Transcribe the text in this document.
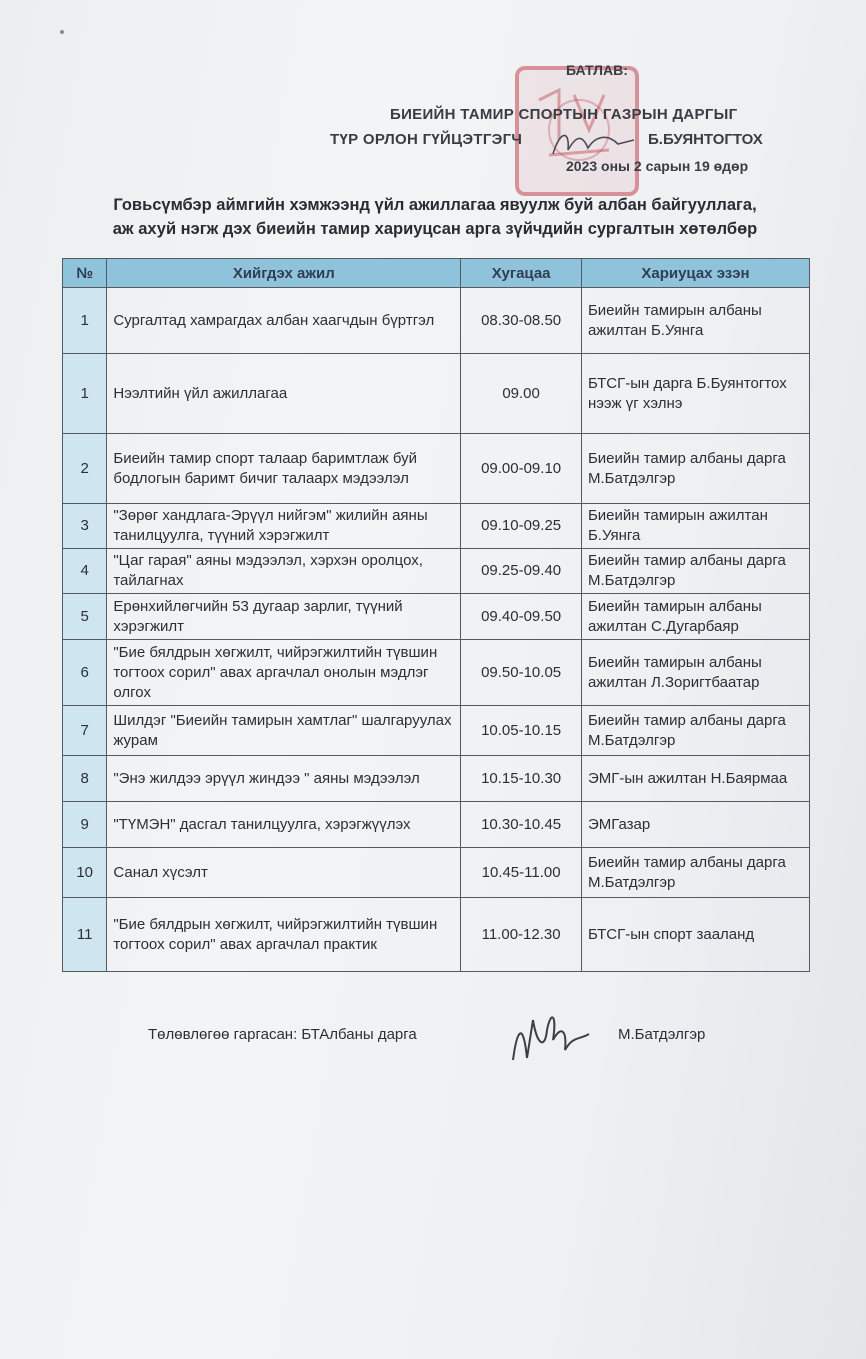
БАТЛАВ:
БИЕИЙН ТАМИР СПОРТЫН ГАЗРЫН ДАРГЫГ
ТҮР ОРЛОН ГҮЙЦЭТГЭГЧ	Б.БУЯНТОГТОХ
2023 оны 2 сарын 19 өдөр
Говьсүмбэр аймгийн хэмжээнд үйл ажиллагаа явуулж буй албан байгууллага,
аж ахуй нэгж дэх биеийн тамир хариуцсан арга зүйчдийн сургалтын хөтөлбөр
№	Хийгдэх ажил	Хугацаа	Хариуцах эзэн
1	Сургалтад хамрагдах албан хаагчдын бүртгэл	08.30-08.50	Биеийн тамирын албаны ажилтан Б.Уянга
1	Нээлтийн үйл ажиллагаа	09.00	БТСГ-ын дарга Б.Буянтогтох нээж үг хэлнэ
2	Биеийн тамир спорт талаар баримтлаж буй бодлогын баримт бичиг талаарх мэдээлэл	09.00-09.10	Биеийн тамир албаны дарга М.Батдэлгэр
3	"Зөрөг хандлага-Эрүүл нийгэм" жилийн аяны танилцуулга, түүний хэрэгжилт	09.10-09.25	Биеийн тамирын ажилтан Б.Уянга
4	"Цаг гарая" аяны мэдээлэл, хэрхэн оролцох, тайлагнах	09.25-09.40	Биеийн тамир албаны дарга М.Батдэлгэр
5	Ерөнхийлөгчийн 53 дугаар зарлиг, түүний хэрэгжилт	09.40-09.50	Биеийн тамирын албаны ажилтан С.Дугарбаяр
6	"Бие бялдрын хөгжилт, чийрэгжилтийн түвшин тогтоох сорил" авах аргачлал онолын мэдлэг олгох	09.50-10.05	Биеийн тамирын албаны ажилтан Л.Зоригтбаатар
7	Шилдэг "Биеийн тамирын хамтлаг" шалгаруулах журам	10.05-10.15	Биеийн тамир албаны дарга М.Батдэлгэр
8	"Энэ жилдээ эрүүл жиндээ " аяны мэдээлэл	10.15-10.30	ЭМГ-ын ажилтан Н.Баярмаа
9	"ТҮМЭН" дасгал танилцуулга, хэрэгжүүлэх	10.30-10.45	ЭМГазар
10	Санал хүсэлт	10.45-11.00	Биеийн тамир албаны дарга М.Батдэлгэр
11	"Бие бялдрын хөгжилт, чийрэгжилтийн түвшин тогтоох сорил" авах аргачлал практик	11.00-12.30	БТСГ-ын спорт зааланд
Төлөвлөгөө гаргасан: БТАлбаны дарга	М.Батдэлгэр
